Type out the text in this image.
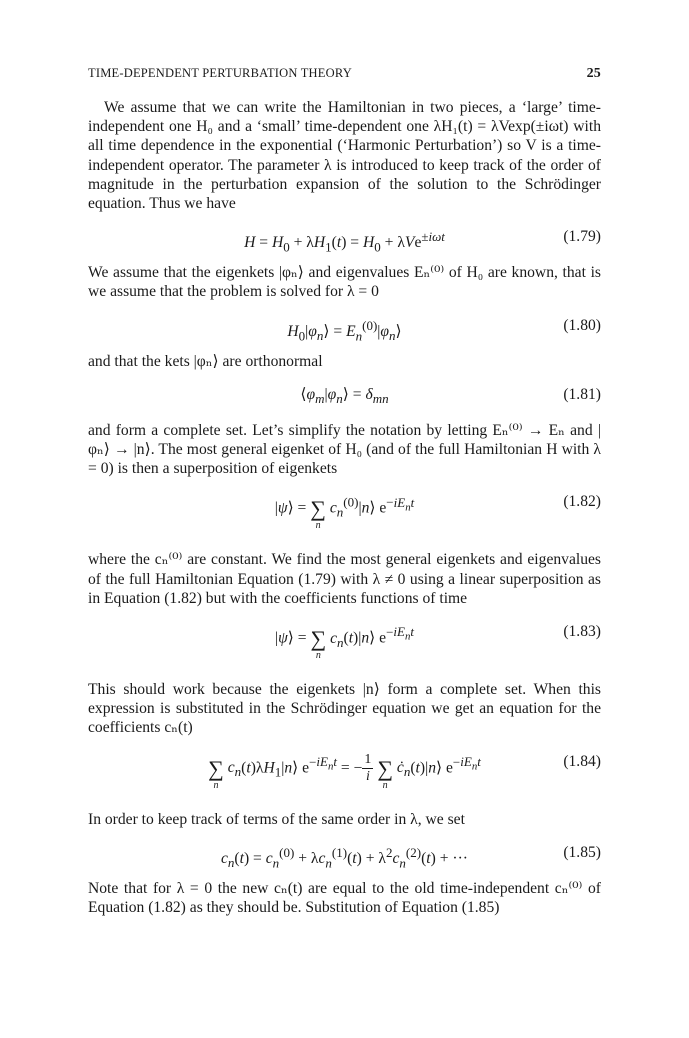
TIME-DEPENDENT PERTURBATION THEORY	25

We assume that we can write the Hamiltonian in two pieces, a ‘large’ time-independent one H₀ and a ‘small’ time-dependent one λH₁(t) = λVexp(±iωt) with all time dependence in the exponential (‘Harmonic Perturbation’) so V is a time-independent operator. The parameter λ is introduced to keep track of the order of magnitude in the perturbation expansion of the solution to the Schrödinger equation. Thus we have

$H = H_0 + \lambda H_1(t) = H_0 + \lambda Ve^{\pm i\omega t}$	(1.79)

We assume that the eigenkets |φₙ⟩ and eigenvalues Eₙ⁽⁰⁾ of H₀ are known, that is we assume that the problem is solved for λ = 0

$H_0|\varphi_n⟩$ = $E_n^{(0)}|\varphi_n⟩$	(1.80)

and that the kets |φₙ⟩ are orthonormal

$⟨\varphi_m|\varphi_n⟩ = \delta_{mn}$	(1.81)

and form a complete set. Let’s simplify the notation by letting Eₙ⁽⁰⁾ → Eₙ and |φₙ⟩ → |n⟩. The most general eigenket of H₀ (and of the full Hamiltonian H with λ = 0) is then a superposition of eigenkets

|ψ⟩ = ∑
n
$c_n^{(0)}|n⟩$ $e^{-iE_nt}$	(1.82)

where the cₙ⁽⁰⁾ are constant. We find the most general eigenkets and eigenvalues of the full Hamiltonian Equation (1.79) with λ ≠ 0 using a linear superposition as in Equation (1.82) but with the coefficients functions of time

|ψ⟩ = ∑
n
$c_n(t)|n⟩$ $e^{-iE_nt}$	(1.83)

This should work because the eigenkets |n⟩ form a complete set. When this expression is substituted in the Schrödinger equation we get an equation for the coefficients cₙ(t)

∑
n
$c_n(t)\lambda H_1|n⟩$ $e^{-iE_nt}$ = − $\frac{1}{i}$
∑
n
$ċ_n(t)|n⟩$ $e^{-iE_nt}$	(1.84)

In order to keep track of terms of the same order in λ, we set

$c_n(t) = c_n^{(0)} + \lambda c_n^{(1)}(t) + \lambda^2c_n^{(2)}(t)$ + ···	(1.85)

Note that for λ = 0 the new cₙ(t) are equal to the old time-independent cₙ⁽⁰⁾ of Equation (1.82) as they should be. Substitution of Equation (1.85)
